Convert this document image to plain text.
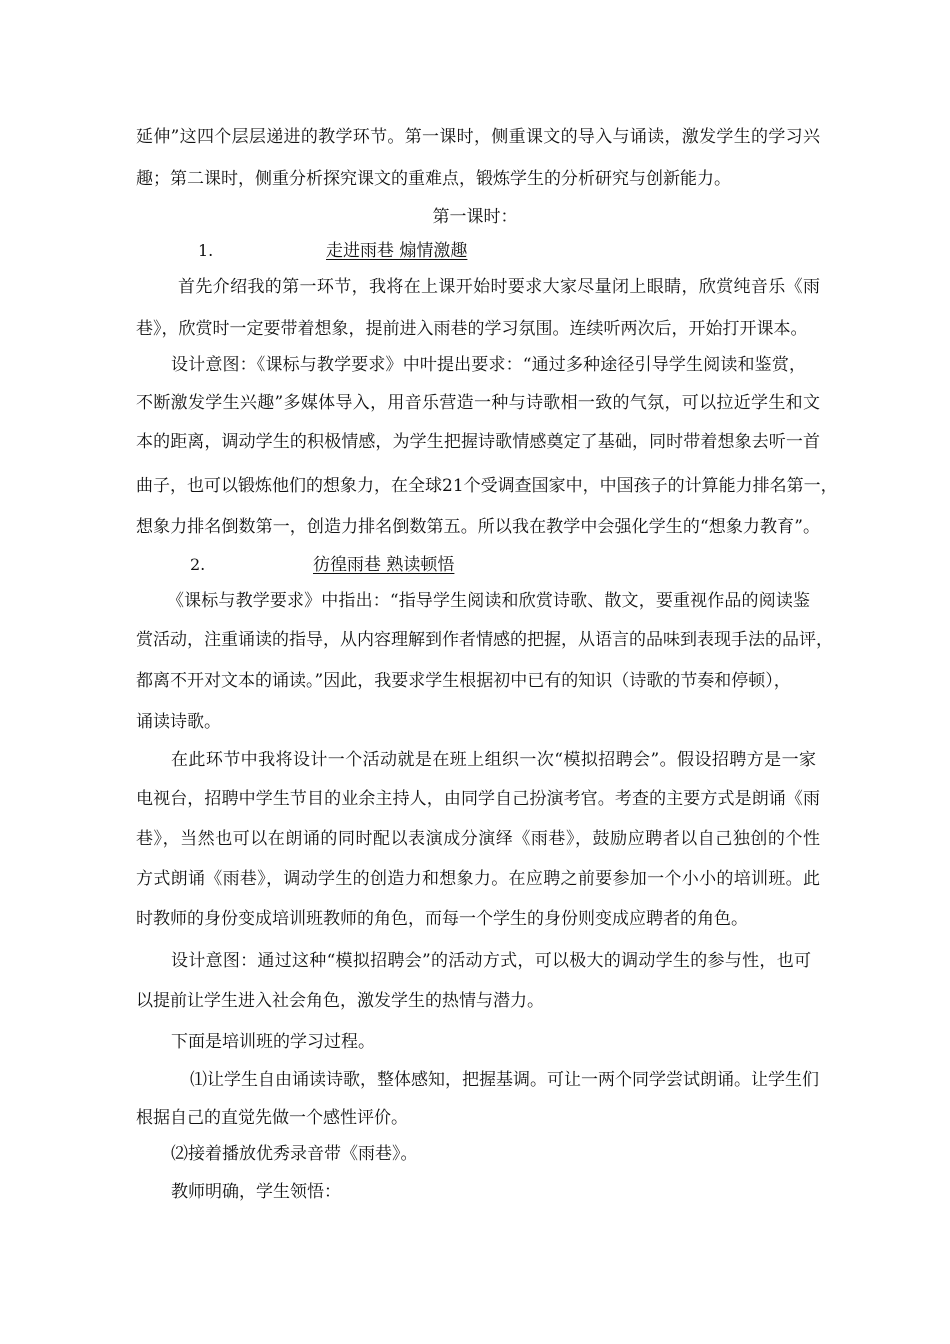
延伸”这四个层层递进的教学环节。第一课时，侧重课文的导入与诵读，激发学生的学习兴
趣；第二课时，侧重分析探究课文的重难点，锻炼学生的分析研究与创新能力。
第一课时：
1.	走进雨巷 煽情激趣
首先介绍我的第一环节，我将在上课开始时要求大家尽量闭上眼睛，欣赏纯音乐《雨
巷》，欣赏时一定要带着想象，提前进入雨巷的学习氛围。连续听两次后，开始打开课本。
设计意图：《课标与教学要求》中叶提出要求：“通过多种途径引导学生阅读和鉴赏，
不断激发学生兴趣”多媒体导入，用音乐营造一种与诗歌相一致的气氛，可以拉近学生和文
本的距离，调动学生的积极情感，为学生把握诗歌情感奠定了基础，同时带着想象去听一首
曲子，也可以锻炼他们的想象力，在全球21个受调查国家中，中国孩子的计算能力排名第一，
想象力排名倒数第一，创造力排名倒数第五。所以我在教学中会强化学生的“想象力教育”。
2.	彷徨雨巷 熟读顿悟
《课标与教学要求》中指出：“指导学生阅读和欣赏诗歌、散文，要重视作品的阅读鉴
赏活动，注重诵读的指导，从内容理解到作者情感的把握，从语言的品味到表现手法的品评，
都离不开对文本的诵读。”因此，我要求学生根据初中已有的知识（诗歌的节奏和停顿），
诵读诗歌。
在此环节中我将设计一个活动就是在班上组织一次“模拟招聘会”。假设招聘方是一家
电视台，招聘中学生节目的业余主持人，由同学自己扮演考官。考查的主要方式是朗诵《雨
巷》，当然也可以在朗诵的同时配以表演成分演绎《雨巷》，鼓励应聘者以自己独创的个性
方式朗诵《雨巷》，调动学生的创造力和想象力。在应聘之前要参加一个小小的培训班。此
时教师的身份变成培训班教师的角色，而每一个学生的身份则变成应聘者的角色。
设计意图：通过这种“模拟招聘会”的活动方式，可以极大的调动学生的参与性，也可
以提前让学生进入社会角色，激发学生的热情与潜力。
下面是培训班的学习过程。
⑴让学生自由诵读诗歌，整体感知，把握基调。可让一两个同学尝试朗诵。让学生们
根据自己的直觉先做一个感性评价。
⑵接着播放优秀录音带《雨巷》。
教师明确，学生领悟：
